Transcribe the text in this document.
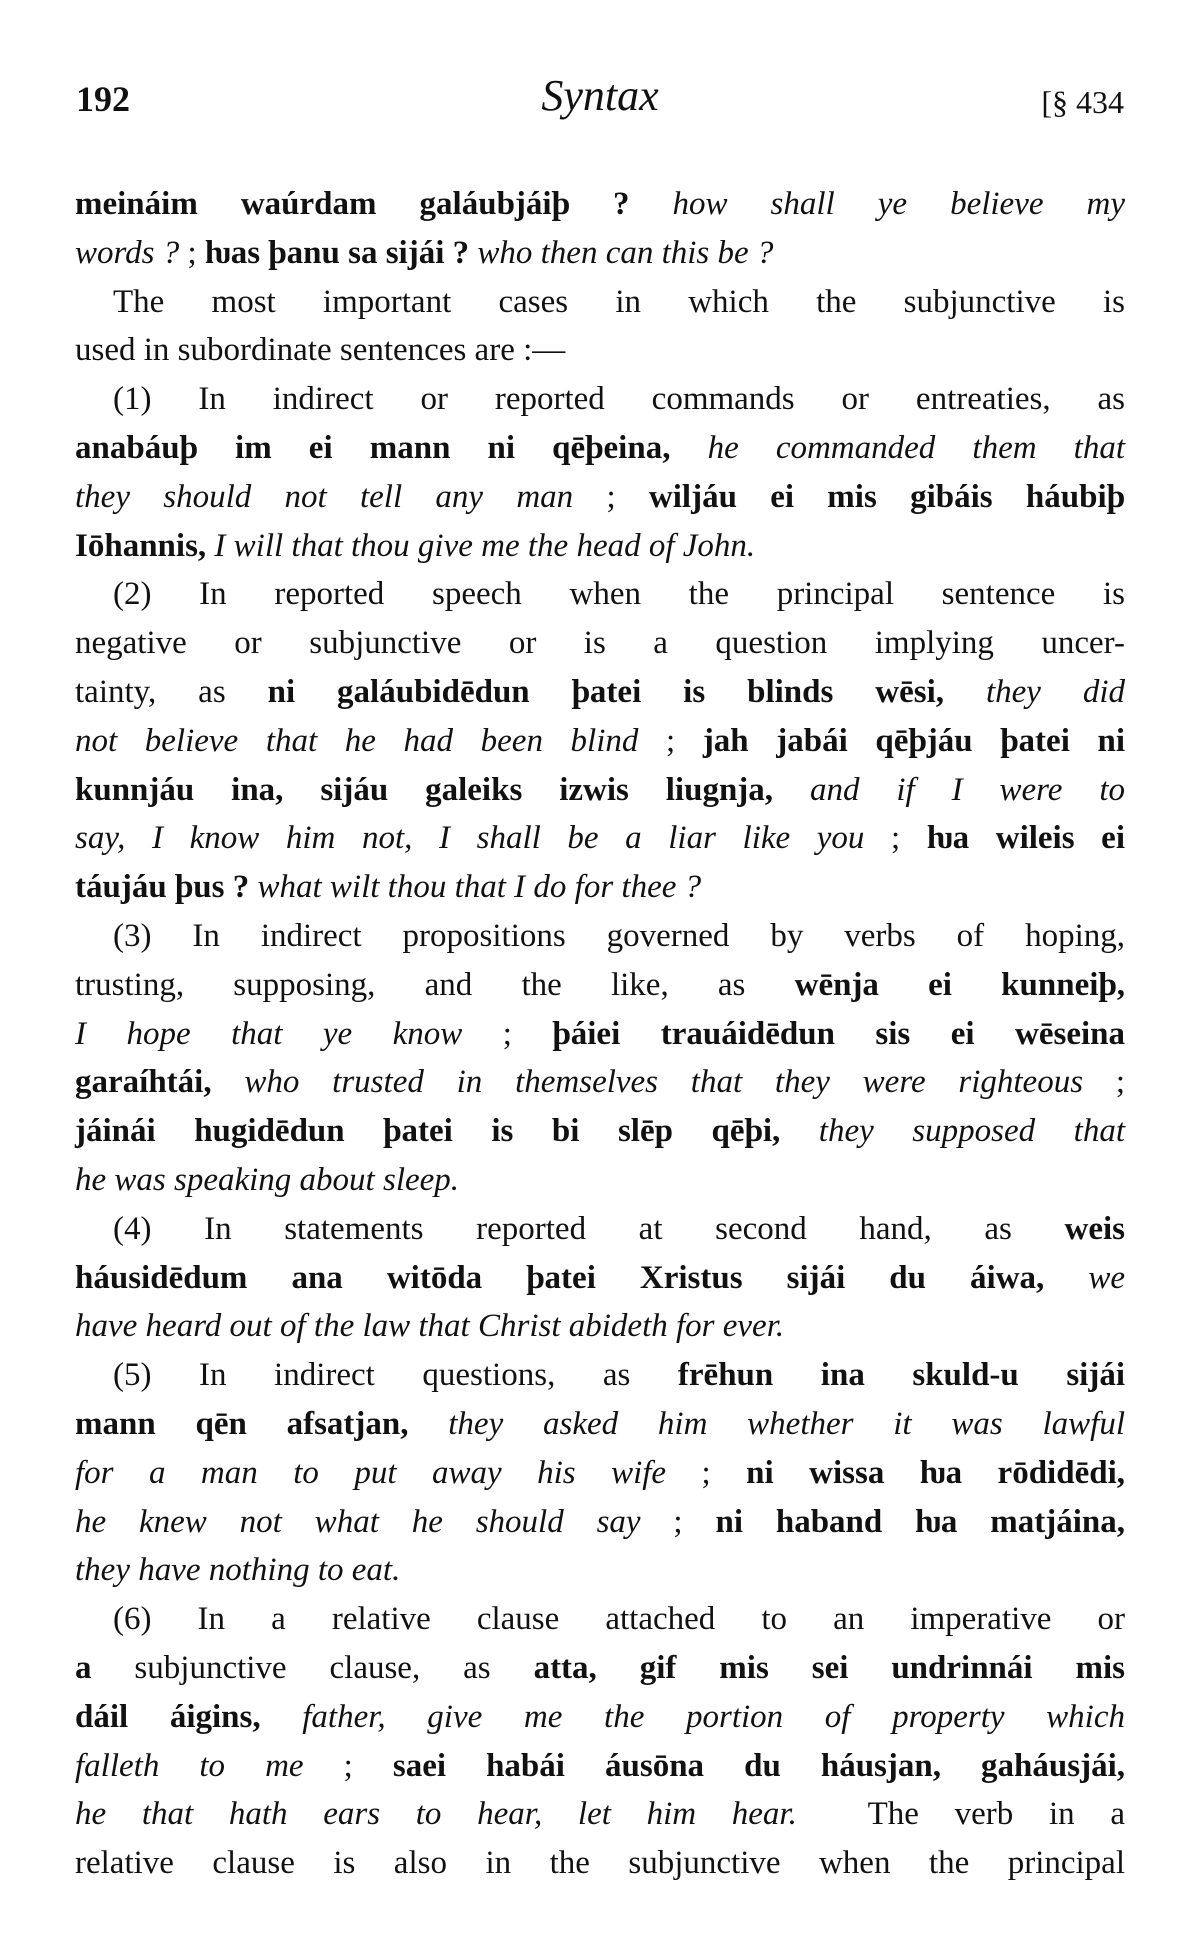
192	Syntax	[§ 434
meináim waúrdam galáubjáiþ ? how shall ye believe my
words ? ; ƕas þanu sa sijái ? who then can this be ?
The most important cases in which the subjunctive is
used in subordinate sentences are :—
(1) In indirect or reported commands or entreaties, as
anabáuþ im ei mann ni qēþeina, he commanded them that
they should not tell any man ; wiljáu ei mis gibáis háubiþ
Iōhannis, I will that thou give me the head of John.
(2) In reported speech when the principal sentence is
negative or subjunctive or is a question implying uncer-
tainty, as ni galáubidēdun þatei is blinds wēsi, they did
not believe that he had been blind ; jah jabái qēþjáu þatei ni
kunnjáu ina, sijáu galeiks izwis liugnja, and if I were to
say, I know him not, I shall be a liar like you ; ƕa wileis ei
táujáu þus ? what wilt thou that I do for thee ?
(3) In indirect propositions governed by verbs of hoping,
trusting, supposing, and the like, as wēnja ei kunneiþ,
I hope that ye know ; þáiei trauáidēdun sis ei wēseina
garaíhtái, who trusted in themselves that they were righteous ;
jáinái hugidēdun þatei is bi slēp qēþi, they supposed that
he was speaking about sleep.
(4) In statements reported at second hand, as weis
háusidēdum ana witōda þatei Xristus sijái du áiwa, we
have heard out of the law that Christ abideth for ever.
(5) In indirect questions, as frēhun ina skuld-u sijái
mann qēn afsatjan, they asked him whether it was lawful
for a man to put away his wife ; ni wissa ƕa rōdidēdi,
he knew not what he should say ; ni haband ƕa matjáina,
they have nothing to eat.
(6) In a relative clause attached to an imperative or
a subjunctive clause, as atta, gif mis sei undrinnái mis
dáil áigins, father, give me the portion of property which
falleth to me ; saei habái áusōna du háusjan, gaháusjái,
he that hath ears to hear, let him hear.  The verb in a
relative clause is also in the subjunctive when the principal
